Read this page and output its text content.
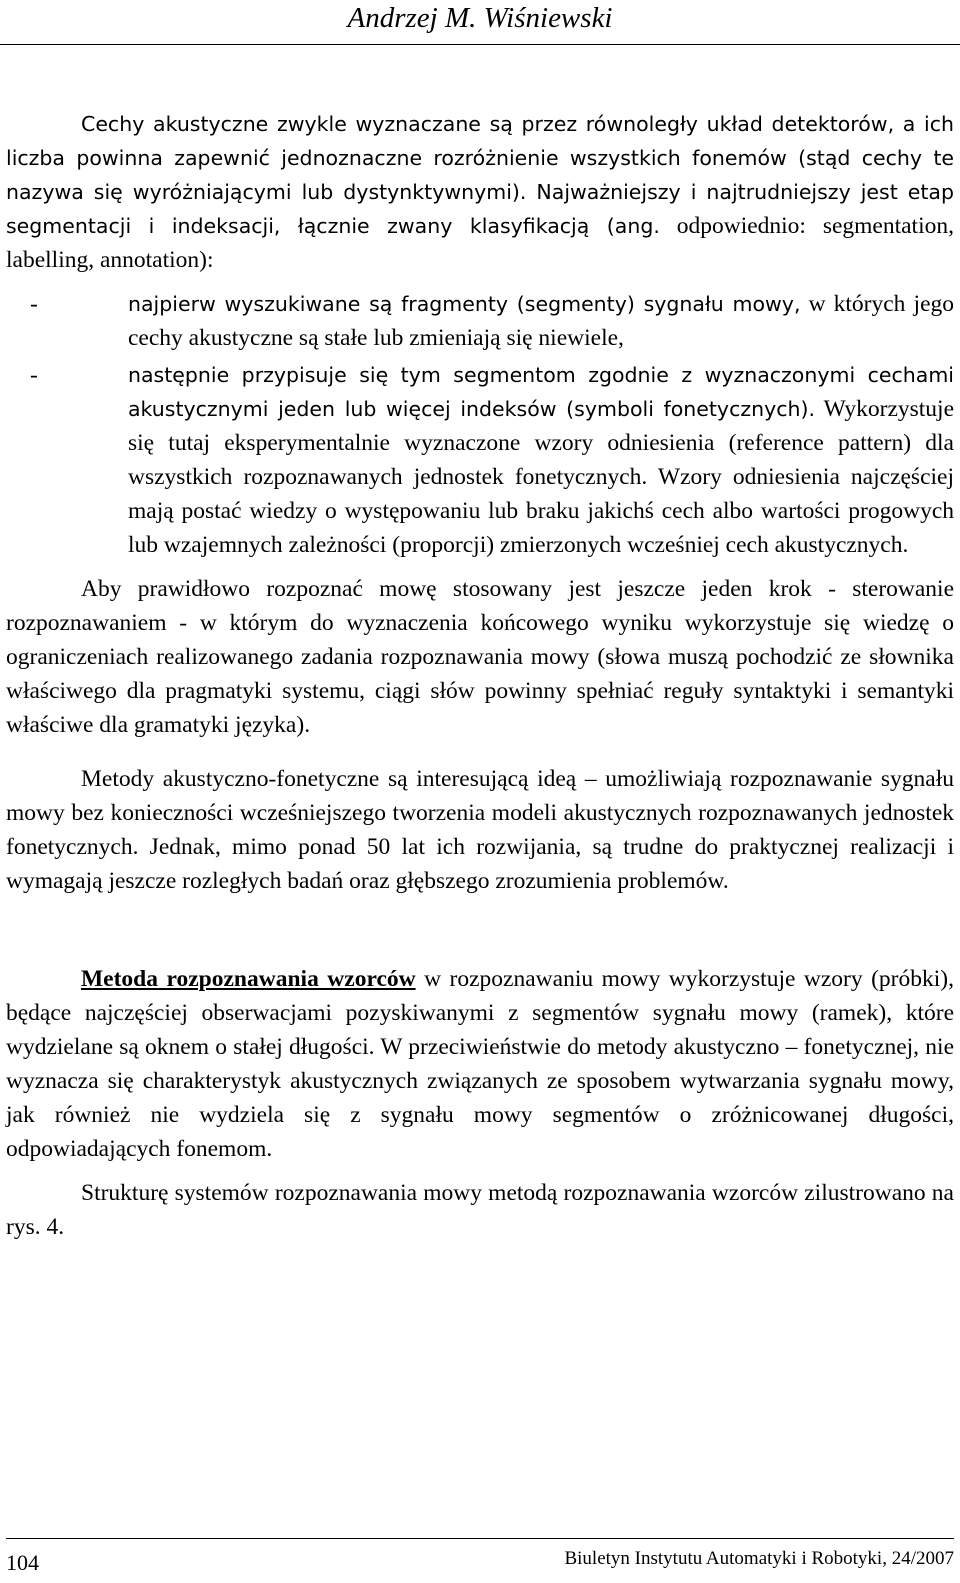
Andrzej M. Wiśniewski

Cechy akustyczne zwykle wyznaczane są przez równoległy układ detektorów, a ich liczba powinna zapewnić jednoznaczne rozróżnienie wszystkich fonemów (stąd cechy te nazywa się wyróżniającymi lub dystynktywnymi). Najważniejszy i najtrudniejszy jest etap segmentacji i indeksacji, łącznie zwany klasyfikacją (ang. odpowiednio: segmentation, labelling, annotation):

-	najpierw wyszukiwane są fragmenty (segmenty) sygnału mowy, w których jego cechy akustyczne są stałe lub zmieniają się niewiele,
-	następnie przypisuje się tym segmentom zgodnie z wyznaczonymi cechami akustycznymi jeden lub więcej indeksów (symboli fonetycznych). Wykorzystuje się tutaj eksperymentalnie wyznaczone wzory odniesienia (reference pattern) dla wszystkich rozpoznawanych jednostek fonetycznych. Wzory odniesienia najczęściej mają postać wiedzy o występowaniu lub braku jakichś cech albo wartości progowych lub wzajemnych zależności (proporcji) zmierzonych wcześniej cech akustycznych.

Aby prawidłowo rozpoznać mowę stosowany jest jeszcze jeden krok - sterowanie rozpoznawaniem - w którym do wyznaczenia końcowego wyniku wykorzystuje się wiedzę o ograniczeniach realizowanego zadania rozpoznawania mowy (słowa muszą pochodzić ze słownika właściwego dla pragmatyki systemu, ciągi słów powinny spełniać reguły syntaktyki i semantyki właściwe dla gramatyki języka).

Metody akustyczno-fonetyczne są interesującą ideą – umożliwiają rozpoznawanie sygnału mowy bez konieczności wcześniejszego tworzenia modeli akustycznych rozpoznawanych jednostek fonetycznych. Jednak, mimo ponad 50 lat ich rozwijania, są trudne do praktycznej realizacji i wymagają jeszcze rozległych badań oraz głębszego zrozumienia problemów.

Metoda rozpoznawania wzorców w rozpoznawaniu mowy wykorzystuje wzory (próbki), będące najczęściej obserwacjami pozyskiwanymi z segmentów sygnału mowy (ramek), które wydzielane są oknem o stałej długości. W przeciwieństwie do metody akustyczno – fonetycznej, nie wyznacza się charakterystyk akustycznych związanych ze sposobem wytwarzania sygnału mowy, jak również nie wydziela się z sygnału mowy segmentów o zróżnicowanej długości, odpowiadających fonemom.

Strukturę systemów rozpoznawania mowy metodą rozpoznawania wzorców zilustrowano na rys. 4.

104	Biuletyn Instytutu Automatyki i Robotyki, 24/2007
